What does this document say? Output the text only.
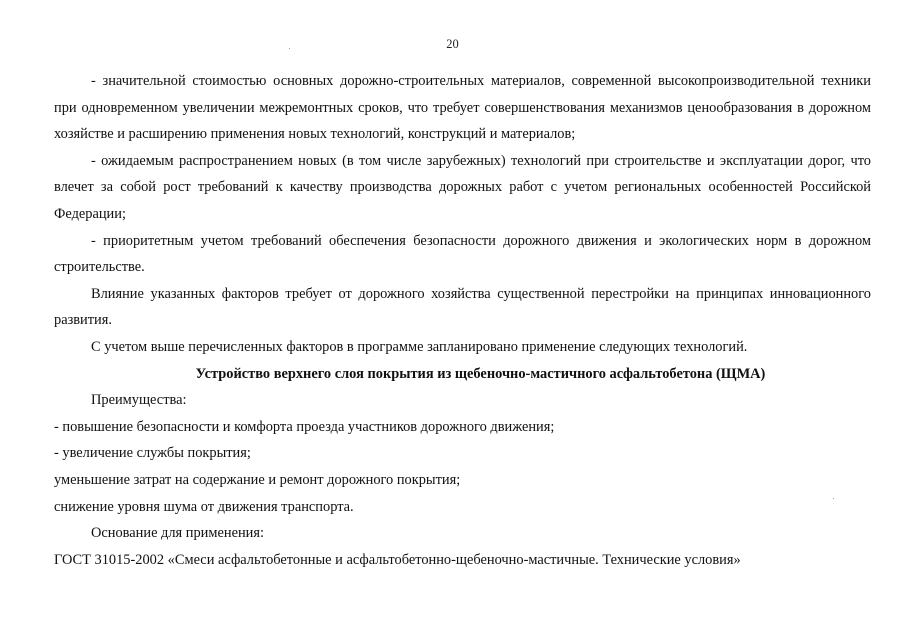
20

- значительной стоимостью основных дорожно-строительных материалов, современной высокопроизводительной техники при одновременном увеличении межремонтных сроков, что требует совершенствования механизмов ценообразования в дорожном хозяйстве и расширению применения новых технологий, конструкций и материалов;

- ожидаемым распространением новых (в том числе зарубежных) технологий при строительстве и эксплуатации дорог, что влечет за собой рост требований к качеству производства дорожных работ с учетом региональных особенностей Российской Федерации;

- приоритетным учетом требований обеспечения безопасности дорожного движения и экологических норм в дорожном строительстве.

Влияние указанных факторов требует от дорожного хозяйства существенной перестройки на принципах инновационного развития.

С учетом выше перечисленных факторов в программе запланировано применение следующих технологий.

Устройство верхнего слоя покрытия из щебеночно-мастичного асфальтобетона (ЩМА)

Преимущества:

- повышение безопасности и комфорта проезда участников дорожного движения;

- увеличение службы покрытия;

уменьшение затрат на содержание и ремонт дорожного покрытия;

снижение уровня шума от движения транспорта.

Основание для применения:

ГОСТ 31015-2002 «Смеси асфальтобетонные и асфальтобетонно-щебеночно-мастичные. Технические условия»
